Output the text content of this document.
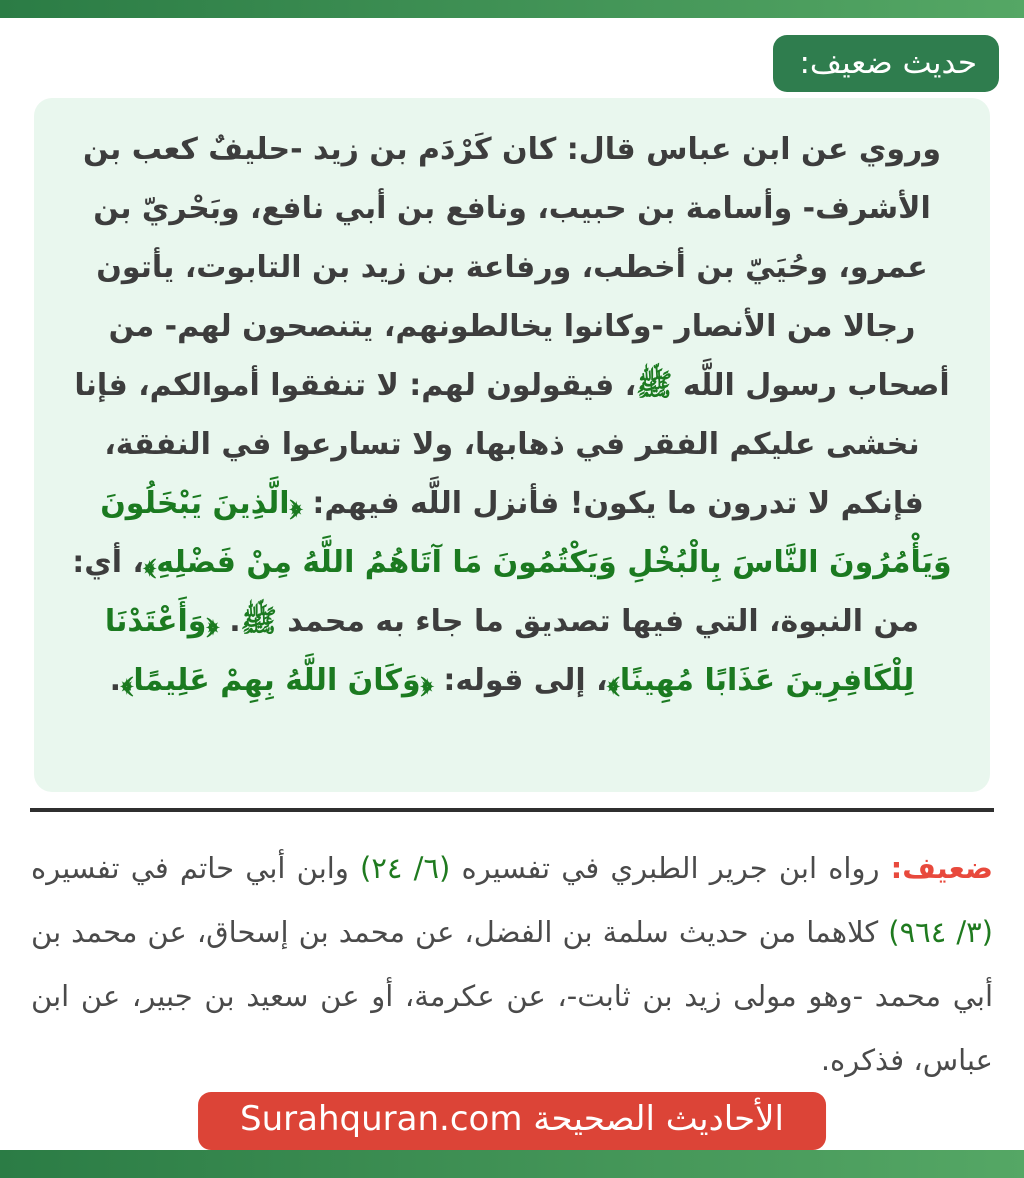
حديث ضعيف:
وروي عن ابن عباس قال: كان كَرْدَم بن زيد -حليفٌ كعب بن الأشرف- وأسامة بن حبيب، ونافع بن أبي نافع، وبَحْريّ بن عمرو، وحُيَيّ بن أخطب، ورفاعة بن زيد بن التابوت، يأتون رجالا من الأنصار -وكانوا يخالطونهم، يتنصحون لهم- من أصحاب رسول اللَّه ﷺ، فيقولون لهم: لا تنفقوا أموالكم، فإنا نخشى عليكم الفقر في ذهابها، ولا تسارعوا في النفقة، فإنكم لا تدرون ما يكون! فأنزل اللَّه فيهم: ﴿الَّذِينَ يَبْخَلُونَ وَيَأْمُرُونَ النَّاسَ بِالْبُخْلِ وَيَكْتُمُونَ مَا آتَاهُمُ اللَّهُ مِنْ فَضْلِهِ﴾، أي: من النبوة، التي فيها تصديق ما جاء به محمد ﷺ. ﴿وَأَعْتَدْنَا لِلْكَافِرِينَ عَذَابًا مُهِينًا﴾، إلى قوله: ﴿وَكَانَ اللَّهُ بِهِمْ عَلِيمًا﴾.

ضعيف: رواه ابن جرير الطبري في تفسيره (٦/ ٢٤) وابن أبي حاتم في تفسيره (٣/ ٩٦٤) كلاهما من حديث سلمة بن الفضل، عن محمد بن إسحاق، عن محمد بن أبي محمد -وهو مولى زيد بن ثابت-، عن عكرمة، أو عن سعيد بن جبير، عن ابن عباس، فذكره.

الأحاديث الصحيحة Surahquran.com
